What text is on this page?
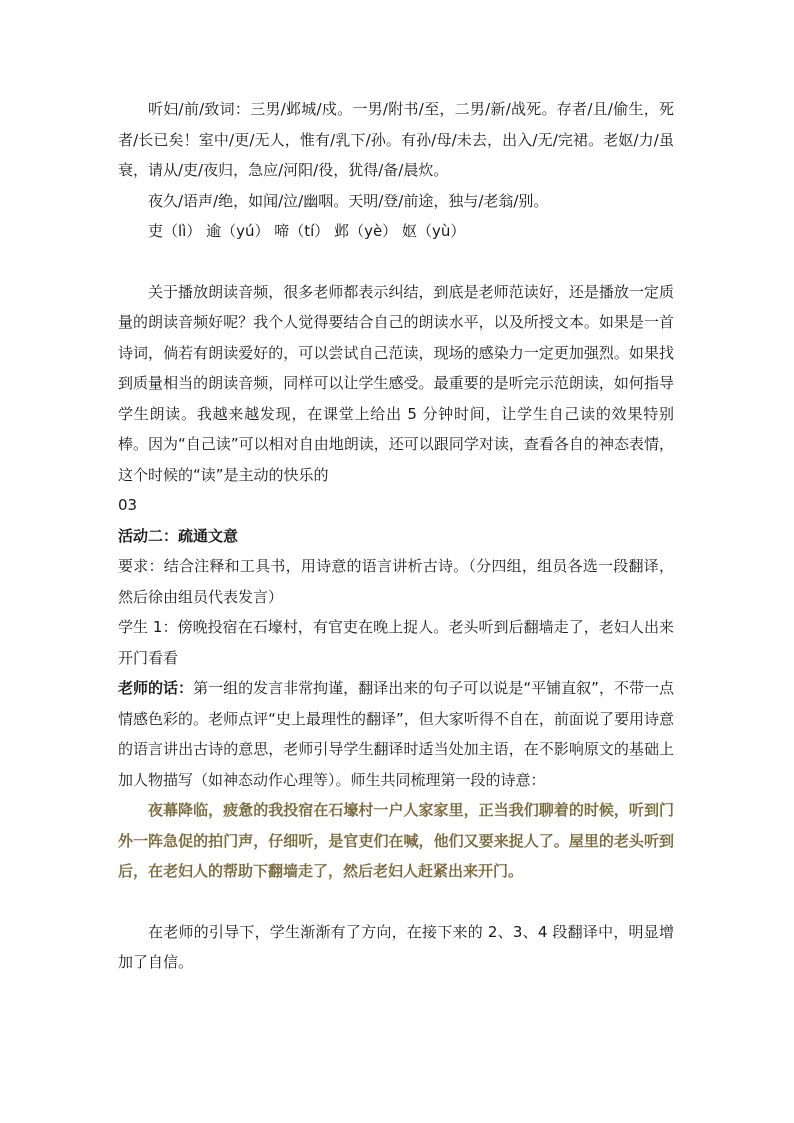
听妇/前/致词：三男/邺城/戍。一男/附书/至，二男/新/战死。存者/且/偷生，死者/长已矣！室中/更/无人，惟有/乳下/孙。有孙/母/未去，出入/无/完裙。老妪/力/虽衰，请从/吏/夜归，急应/河阳/役，犹得/备/晨炊。

夜久/语声/绝，如闻/泣/幽咽。天明/登/前途，独与/老翁/别。

吏（lì） 逾（yú） 啼（tí） 邺（yè） 妪（yù）

关于播放朗读音频，很多老师都表示纠结，到底是老师范读好，还是播放一定质量的朗读音频好呢？我个人觉得要结合自己的朗读水平，以及所授文本。如果是一首诗词，倘若有朗读爱好的，可以尝试自己范读，现场的感染力一定更加强烈。如果找到质量相当的朗读音频，同样可以让学生感受。最重要的是听完示范朗读，如何指导学生朗读。我越来越发现，在课堂上给出 5 分钟时间，让学生自己读的效果特别棒。因为“自己读”可以相对自由地朗读，还可以跟同学对读，查看各自的神态表情，这个时候的“读”是主动的快乐的

03

活动二：疏通文意

要求：结合注释和工具书，用诗意的语言讲析古诗。（分四组，组员各选一段翻译，然后徐由组员代表发言）

学生 1：傍晚投宿在石壕村，有官吏在晚上捉人。老头听到后翻墙走了，老妇人出来开门看看

老师的话：第一组的发言非常拘谨，翻译出来的句子可以说是“平铺直叙”，不带一点情感色彩的。老师点评“史上最理性的翻译”，但大家听得不自在，前面说了要用诗意的语言讲出古诗的意思，老师引导学生翻译时适当处加主语，在不影响原文的基础上加人物描写（如神态动作心理等）。师生共同梳理第一段的诗意：

夜幕降临，疲惫的我投宿在石壕村一户人家家里，正当我们聊着的时候，听到门外一阵急促的拍门声，仔细听，是官吏们在喊，他们又要来捉人了。屋里的老头听到后，在老妇人的帮助下翻墙走了，然后老妇人赶紧出来开门。

在老师的引导下，学生渐渐有了方向，在接下来的 2、3、4 段翻译中，明显增加了自信。
